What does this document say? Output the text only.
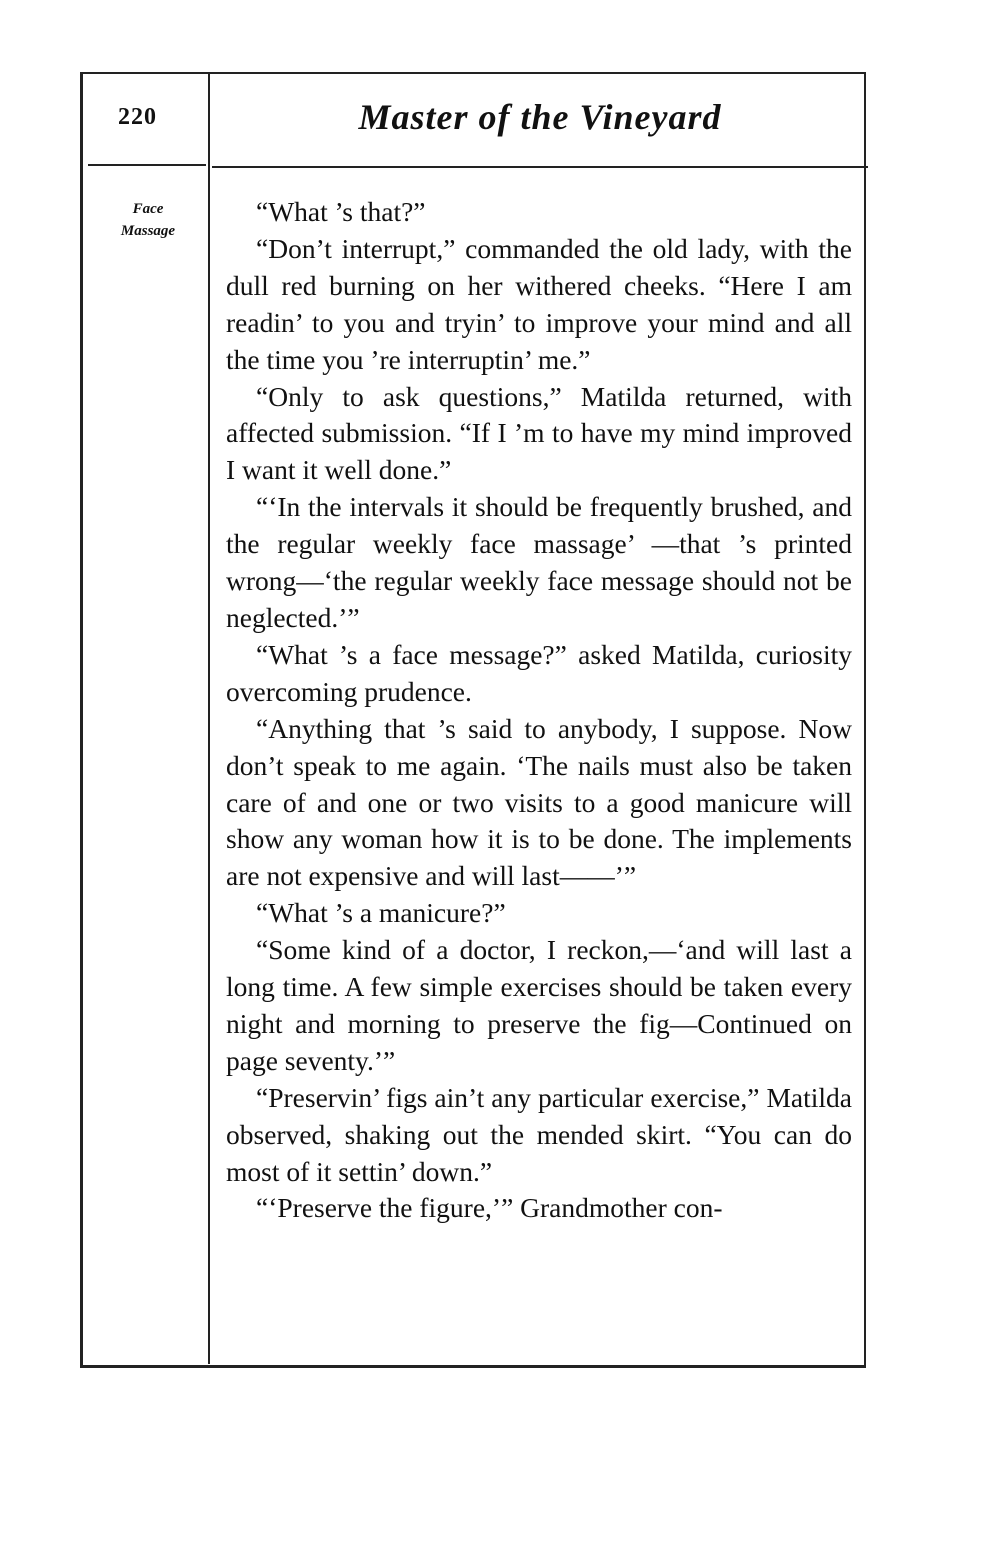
220	Master of the Vineyard
Face
Massage

“What ’s that?”

“Don’t interrupt,” commanded the old lady, with the dull red burning on her withered cheeks. “Here I am readin’ to you and tryin’ to improve your mind and all the time you ’re interruptin’ me.”

“Only to ask questions,” Matilda returned, with affected submission. “If I ’m to have my mind improved I want it well done.”

“‘In the intervals it should be frequently brushed, and the regular weekly face massage’ —that ’s printed wrong—‘the regular weekly face message should not be neglected.’”

“What ’s a face message?” asked Matilda, curiosity overcoming prudence.

“Anything that ’s said to anybody, I suppose. Now don’t speak to me again. ‘The nails must also be taken care of and one or two visits to a good manicure will show any woman how it is to be done. The implements are not expensive and will last——’”

“What ’s a manicure?”

“Some kind of a doctor, I reckon,—‘and will last a long time. A few simple exercises should be taken every night and morning to preserve the fig—Continued on page seventy.’”

“Preservin’ figs ain’t any particular exercise,” Matilda observed, shaking out the mended skirt. “You can do most of it settin’ down.”

“‘Preserve the figure,’” Grandmother con-
